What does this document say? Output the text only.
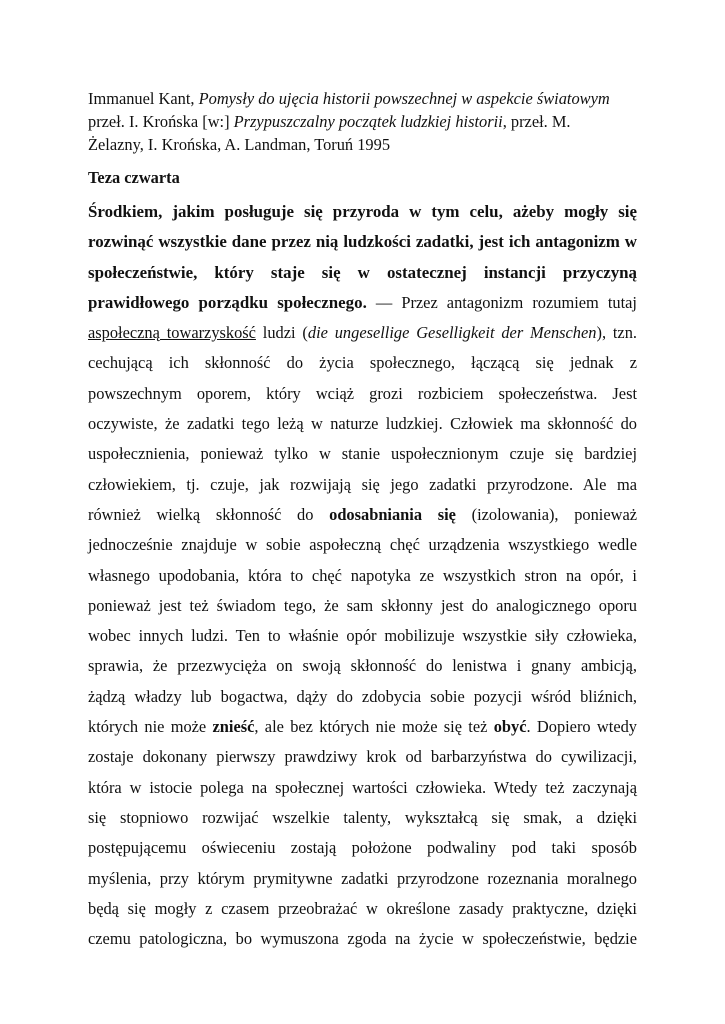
Immanuel Kant, Pomysły do ujęcia historii powszechnej w aspekcie światowym
przeł. I. Krońska [w:] Przypuszczalny początek ludzkiej historii, przeł. M.
Żelazny, I. Krońska, A. Landman, Toruń 1995
Teza czwarta
Środkiem, jakim posługuje się przyroda w tym celu, ażeby mogły się
rozwinąć wszystkie dane przez nią ludzkości zadatki, jest ich antagonizm w
społeczeństwie, który staje się w ostatecznej instancji przyczyną
prawidłowego porządku społecznego. — Przez antagonizm rozumiem tutaj
aspołeczną towarzyskość ludzi (die ungesellige Geselligkeit der Menschen), tzn.
cechującą ich skłonność do życia społecznego, łączącą się jednak z
powszechnym oporem, który wciąż grozi rozbiciem społeczeństwa. Jest
oczywiste, że zadatki tego leżą w naturze ludzkiej. Człowiek ma skłonność do
uspołecznienia, ponieważ tylko w stanie uspołecznionym czuje się bardziej
człowiekiem, tj. czuje, jak rozwijają się jego zadatki przyrodzone. Ale ma
również wielką skłonność do odosabniania się (izolowania), ponieważ
jednocześnie znajduje w sobie aspołeczną chęć urządzenia wszystkiego wedle
własnego upodobania, która to chęć napotyka ze wszystkich stron na opór, i
ponieważ jest też świadom tego, że sam skłonny jest do analogicznego oporu
wobec innych ludzi. Ten to właśnie opór mobilizuje wszystkie siły człowieka,
sprawia, że przezwycięża on swoją skłonność do lenistwa i gnany ambicją,
żądzą władzy lub bogactwa, dąży do zdobycia sobie pozycji wśród bliźnich,
których nie może znieść, ale bez których nie może się też obyć. Dopiero wtedy
zostaje dokonany pierwszy prawdziwy krok od barbarzyństwa do cywilizacji,
która w istocie polega na społecznej wartości człowieka. Wtedy też zaczynają
się stopniowo rozwijać wszelkie talenty, wykształcą się smak, a dzięki
postępującemu oświeceniu zostają położone podwaliny pod taki sposób
myślenia, przy którym prymitywne zadatki przyrodzone rozeznania moralnego
będą się mogły z czasem przeobrażać w określone zasady praktyczne, dzięki
czemu patologiczna, bo wymuszona zgoda na życie w społeczeństwie, będzie
